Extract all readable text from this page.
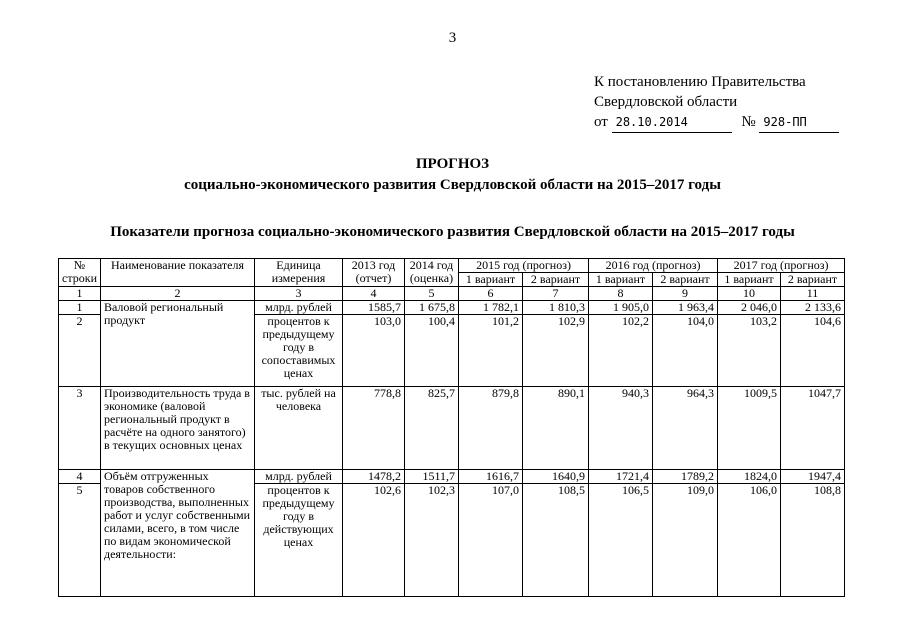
3
К постановлению Правительства
Свердловской области
от 28.10.2014	№ 928-ПП
ПРОГНОЗ
социально-экономического развития Свердловской области на 2015–2017 годы
Показатели прогноза социально-экономического развития Свердловской области на 2015–2017 годы
№ строки	Наименование показателя	Единица измерения	2013 год (отчет)	2014 год (оценка)	2015 год (прогноз)		2016 год (прогноз)		2017 год (прогноз)	
					1 вариант	2 вариант	1 вариант	2 вариант	1 вариант	2 вариант
1	2	3	4	5	6	7	8	9	10	11
1	Валовой региональный продукт	млрд. рублей	1585,7	1 675,8	1 782,1	1 810,3	1 905,0	1 963,4	2 046,0	2 133,6
2		процентов к предыдущему году в сопоставимых ценах	103,0	100,4	101,2	102,9	102,2	104,0	103,2	104,6
3	Производительность труда в экономике (валовой региональный продукт в расчёте на одного занятого) в текущих основных ценах	тыс. рублей на человека	778,8	825,7	879,8	890,1	940,3	964,3	1009,5	1047,7
4	Объём отгруженных товаров собственного производства, выполненных работ и услуг собственными силами, всего, в том числе по видам экономической деятельности:	млрд. рублей	1478,2	1511,7	1616,7	1640,9	1721,4	1789,2	1824,0	1947,4
5		процентов к предыдущему году в действующих ценах	102,6	102,3	107,0	108,5	106,5	109,0	106,0	108,8
